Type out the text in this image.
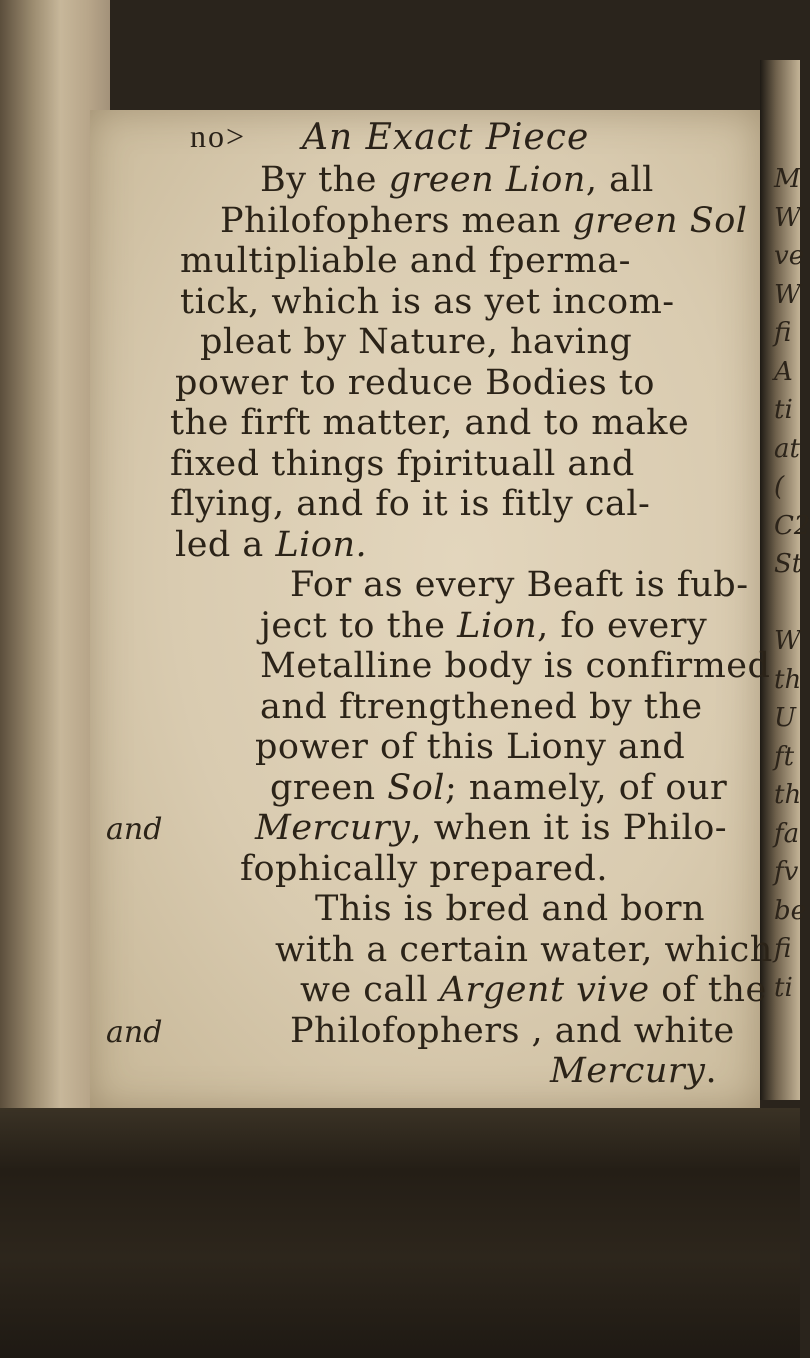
M
W
ve
W
fi
A
ti
at
(
C2
St

W
th
U
ft
th
fa
fv
be
fi
ti
no> An Exact Piece
By the green Lion, all
Philofophers mean green Sol
multipliable and fperma-
tick, which is as yet incom-
pleat by Nature, having
power to reduce Bodies to
the firft matter, and to make
fixed things fpirituall and
flying, and fo it is fitly cal-
led a Lion.
For as every Beaft is fub-
ject to the Lion, fo every
Metalline body is confirmed
and ftrengthened by the
power of this Liony and
green Sol; namely, of our
Mercury, when it is Philo-
fophically prepared.
This is bred and born
with a certain water, which
we call Argent vive of the
Philofophers , and white
Mercury.
and
and
